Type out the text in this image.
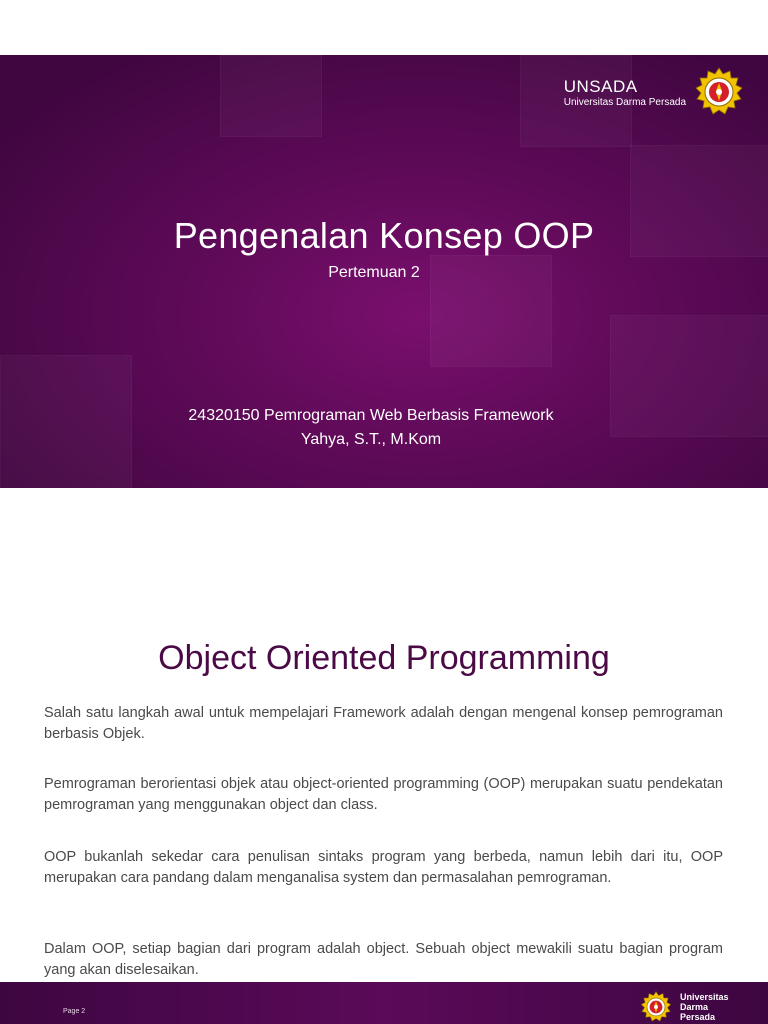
UNSADA
Universitas Darma Persada
Pengenalan Konsep OOP
Pertemuan 2
24320150 Pemrograman Web Berbasis Framework
Yahya, S.T., M.Kom
Object Oriented Programming

Salah satu langkah awal untuk mempelajari Framework adalah dengan mengenal konsep pemrograman berbasis Objek.

Pemrograman berorientasi objek atau object-oriented programming (OOP) merupakan suatu pendekatan pemrograman yang menggunakan object dan class.

OOP bukanlah sekedar cara penulisan sintaks program yang berbeda, namun lebih dari itu, OOP merupakan cara pandang dalam menganalisa system dan permasalahan pemrograman.

Dalam OOP, setiap bagian dari program adalah object. Sebuah object mewakili suatu bagian program yang akan diselesaikan.

Page 2
Universitas
Darma
Persada
